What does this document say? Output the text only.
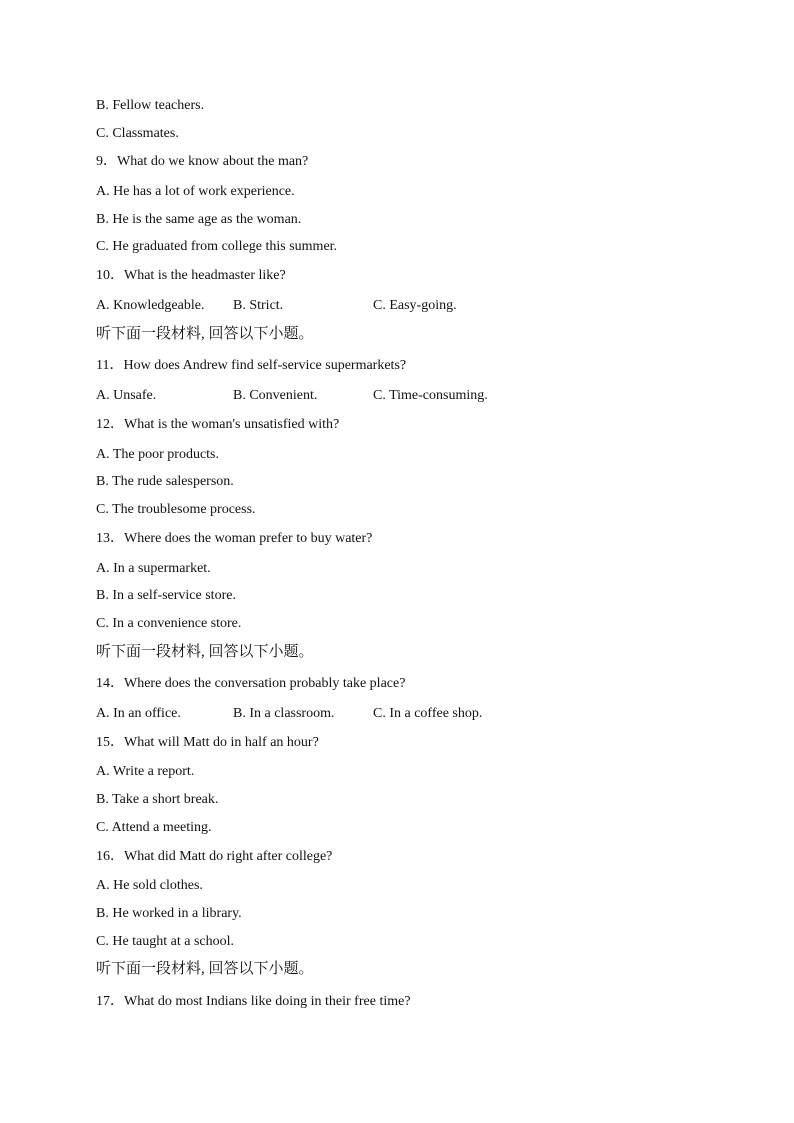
B. Fellow teachers.

C. Classmates.

9．What do we know about the man?

A. He has a lot of work experience.

B. He is the same age as the woman.

C. He graduated from college this summer.

10．What is the headmaster like?

A. Knowledgeable. B. Strict.	C. Easy-going.

听下面一段材料, 回答以下小题。

11．How does Andrew find self-service supermarkets?

A. Unsafe.	B. Convenient.	C. Time-consuming.

12．What is the woman's unsatisfied with?

A. The poor products.

B. The rude salesperson.

C. The troublesome process.

13．Where does the woman prefer to buy water?

A. In a supermarket.

B. In a self-service store.

C. In a convenience store.

听下面一段材料, 回答以下小题。

14．Where does the conversation probably take place?

A. In an office.	B. In a classroom.	C. In a coffee shop.

15．What will Matt do in half an hour?

A. Write a report.

B. Take a short break.

C. Attend a meeting.

16．What did Matt do right after college?

A. He sold clothes.

B. He worked in a library.

C. He taught at a school.

听下面一段材料, 回答以下小题。

17．What do most Indians like doing in their free time?
